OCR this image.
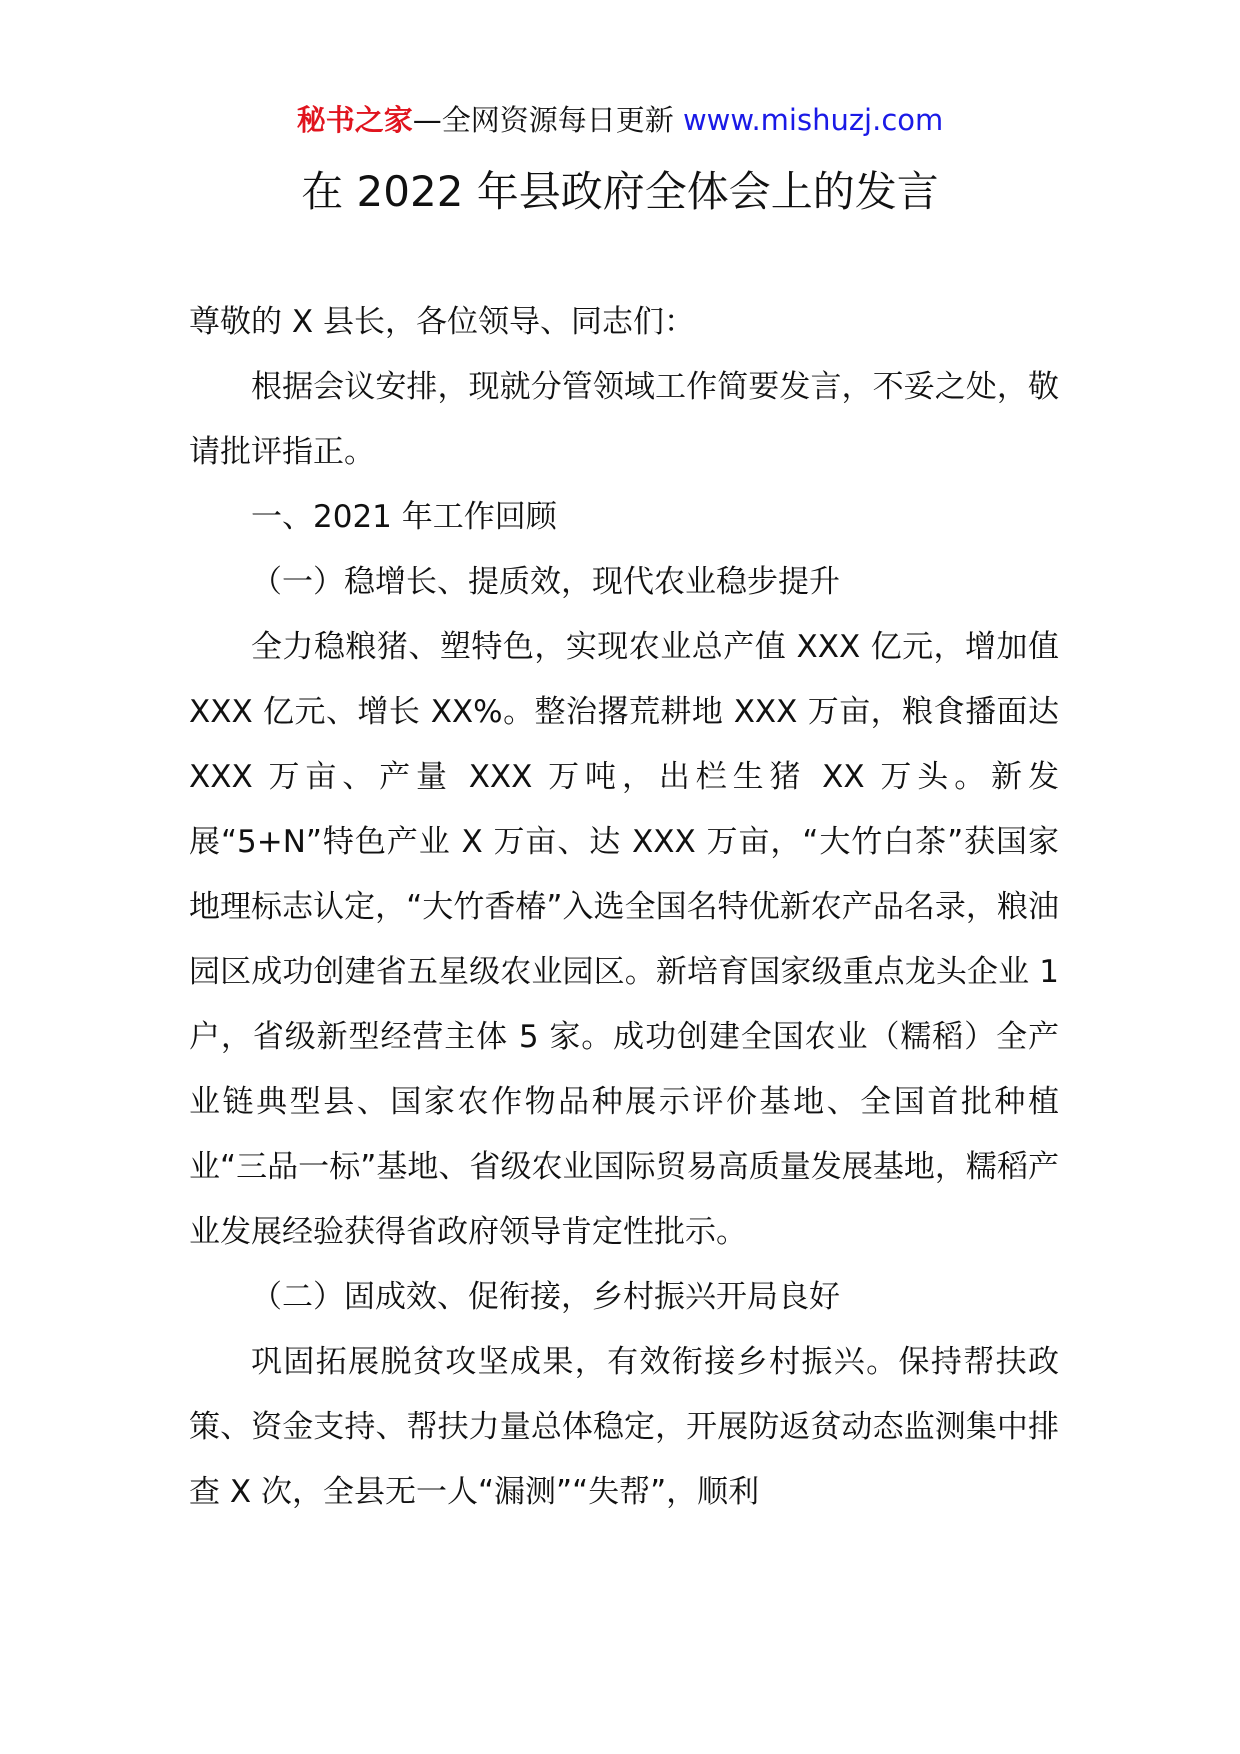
秘书之家—全网资源每日更新 www.mishuzj.com
在 2022 年县政府全体会上的发言

尊敬的 X 县长，各位领导、同志们：

根据会议安排，现就分管领域工作简要发言，不妥之处，敬请批评指正。

一、2021 年工作回顾

（一）稳增长、提质效，现代农业稳步提升

全力稳粮猪、塑特色，实现农业总产值 XXX 亿元，增加值 XXX 亿元、增长 XX%。整治撂荒耕地 XXX 万亩，粮食播面达 XXX 万亩、产量 XXX 万吨，出栏生猪 XX 万头。新发展“5+N”特色产业 X 万亩、达 XXX 万亩，“大竹白茶”获国家地理标志认定，“大竹香椿”入选全国名特优新农产品名录，粮油园区成功创建省五星级农业园区。新培育国家级重点龙头企业 1 户，省级新型经营主体 5 家。成功创建全国农业（糯稻）全产业链典型县、国家农作物品种展示评价基地、全国首批种植业“三品一标”基地、省级农业国际贸易高质量发展基地，糯稻产业发展经验获得省政府领导肯定性批示。

（二）固成效、促衔接，乡村振兴开局良好

巩固拓展脱贫攻坚成果，有效衔接乡村振兴。保持帮扶政策、资金支持、帮扶力量总体稳定，开展防返贫动态监测集中排查 X 次，全县无一人“漏测”“失帮”，顺利
